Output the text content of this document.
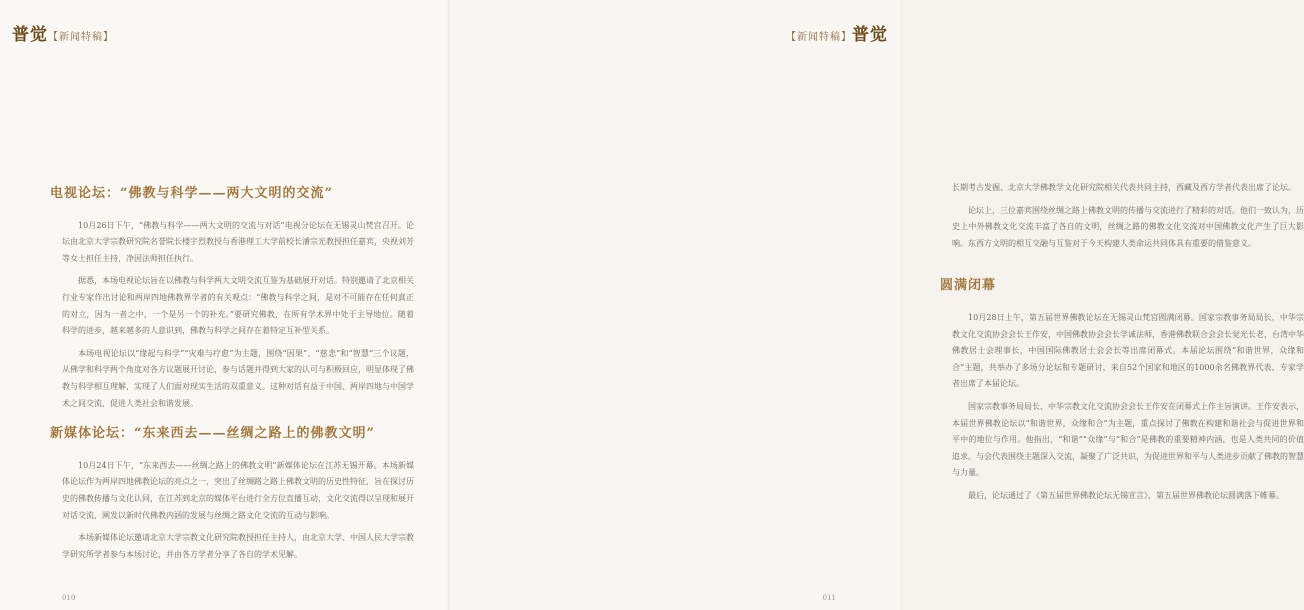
普觉【新闻特稿】
电视论坛：“佛教与科学——两大文明的交流”

10月26日下午，“佛教与科学——两大文明的交流与对话”电视分论坛在无锡灵山梵宫召开。论坛由北京大学宗教研究院名誉院长楼宇烈教授与香港理工大学前校长潘宗光教授担任嘉宾，央视刘芳等女士担任主持，净因法师担任执行。

据悉，本场电视论坛旨在以佛教与科学两大文明交流互鉴为基础展开对话。特别邀请了北京相关行业专家作出讨论和两岸四地佛教界学者的有关观点：“佛教与科学之间，是对不可能存在任何真正的对立，因为一者之中，一个是另一个的补充。”要研究佛教，在所有学术界中处于主导地位。随着科学的进步，越来越多的人意识到，佛教与科学之间存在着特定互补型关系。

本场电视论坛以“缘起与科学”“灾难与疗愈”为主题，围绕“因果”、“慈悲”和“智慧”三个议题，从佛学和科学两个角度对各方议题展开讨论，参与话题并得到大家的认可与积极回应，明显体现了佛教与科学相互理解，实现了人们面对现实生活的双重意义。这种对话有益于中国、两岸四地与中国学术之间交流，促进人类社会和谐发展。

新媒体论坛：“东来西去——丝绸之路上的佛教文明”

10月24日下午，“东来西去——丝绸之路上的佛教文明”新媒体论坛在江苏无锡开幕。本场新媒体论坛作为两岸四地佛教论坛的亮点之一，突出了丝绸路之路上佛教文明的历史性特征，旨在探讨历史的佛教传播与文化认同，在江苏到北京的媒体平台进行全方位直播互动，文化交流得以呈现和展开对话交流，阐发以新时代佛教内涵的发展与丝绸之路文化交流的互动与影响。

本场新媒体论坛邀请北京大学宗教文化研究院教授担任主持人，由北京大学、中国人民大学宗教学研究所学者参与本场讨论，并由各方学者分享了各自的学术见解。

010
【新闻特稿】普觉

长期考古发掘、北京大学佛教学文化研究院相关代表共同主持，西藏及西方学者代表出席了论坛。

论坛上，三位嘉宾围绕丝绸之路上佛教文明的传播与交流进行了精彩的对话。他们一致认为，历史上中外佛教文化交流丰富了各自的文明，丝绸之路的佛教文化交流对中国佛教文化产生了巨大影响。东西方文明的相互交融与互鉴对于今天构建人类命运共同体具有重要的借鉴意义。

圆满闭幕

10月28日上午，第五届世界佛教论坛在无锡灵山梵宫圆满闭幕。国家宗教事务局局长，中华宗教文化交流协会会长王作安，中国佛教协会会长学诚法师，香港佛教联合会会长觉光长老，台湾中华佛教居士会理事长，中国国际佛教居士会会长等出席闭幕式。本届论坛围绕“和谐世界，众缘和合”主题，共举办了多场分论坛和专题研讨，来自52个国家和地区的1000余名佛教界代表、专家学者出席了本届论坛。

国家宗教事务局局长、中华宗教文化交流协会会长王作安在闭幕式上作主旨演讲。王作安表示，本届世界佛教论坛以“和谐世界，众缘和合”为主题，重点探讨了佛教在构建和谐社会与促进世界和平中的地位与作用。他指出，“和谐”“众缘”与“和合”是佛教的重要精神内涵，也是人类共同的价值追求。与会代表围绕主题深入交流，凝聚了广泛共识，为促进世界和平与人类进步贡献了佛教的智慧与力量。

最后，论坛通过了《第五届世界佛教论坛无锡宣言》，第五届世界佛教论坛圆满落下帷幕。

011
